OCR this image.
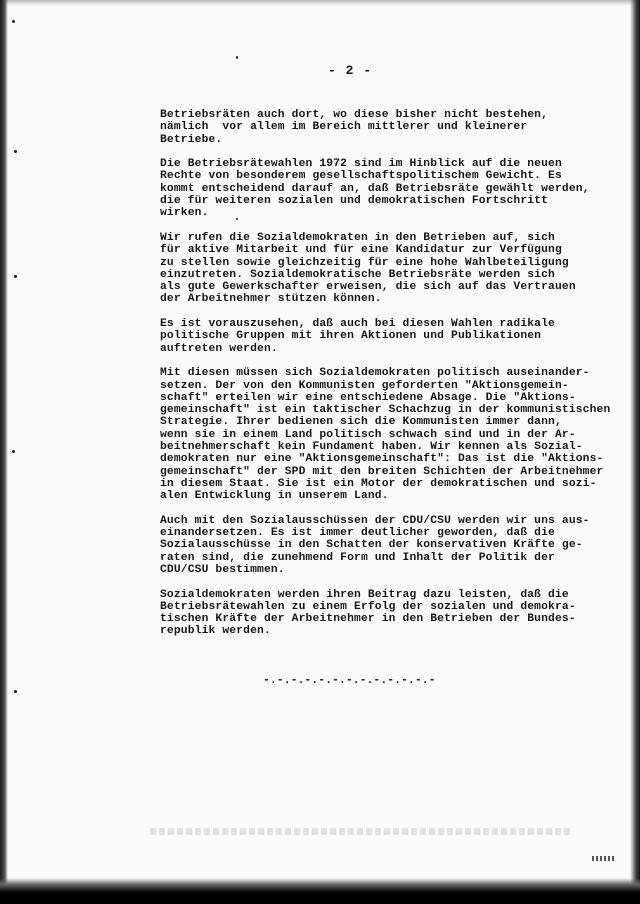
- 2 -
Betriebsräten auch dort, wo diese bisher nicht bestehen,
nämlich  vor allem im Bereich mittlerer und kleinerer
Betriebe.
Die Betriebsrätewahlen 1972 sind im Hinblick auf die neuen
Rechte von besonderem gesellschaftspolitischem Gewicht. Es
kommt entscheidend darauf an, daß Betriebsräte gewählt werden,
die für weiteren sozialen und demokratischen Fortschritt
wirken.
Wir rufen die Sozialdemokraten in den Betrieben auf, sich
für aktive Mitarbeit und für eine Kandidatur zur Verfügung
zu stellen sowie gleichzeitig für eine hohe Wahlbeteiligung
einzutreten. Sozialdemokratische Betriebsräte werden sich
als gute Gewerkschafter erweisen, die sich auf das Vertrauen
der Arbeitnehmer stützen können.
Es ist vorauszusehen, daß auch bei diesen Wahlen radikale
politische Gruppen mit ihren Aktionen und Publikationen
auftreten werden.
Mit diesen müssen sich Sozialdemokraten politisch auseinander-
setzen. Der von den Kommunisten geforderten "Aktionsgemein-
schaft" erteilen wir eine entschiedene Absage. Die "Aktions-
gemeinschaft" ist ein taktischer Schachzug in der kommunistischen
Strategie. Ihrer bedienen sich die Kommunisten immer dann,
wenn sie in einem Land politisch schwach sind und in der Ar-
beitnehmerschaft kein Fundament haben. Wir kennen als Sozial-
demokraten nur eine "Aktionsgemeinschaft": Das ist die "Aktions-
gemeinschaft" der SPD mit den breiten Schichten der Arbeitnehmer
in diesem Staat. Sie ist ein Motor der demokratischen und sozi-
alen Entwicklung in unserem Land.
Auch mit den Sozialausschüssen der CDU/CSU werden wir uns aus-
einandersetzen. Es ist immer deutlicher geworden, daß die
Sozialausschüsse in den Schatten der konservativen Kräfte ge-
raten sind, die zunehmend Form und Inhalt der Politik der
CDU/CSU bestimmen.
Sozialdemokraten werden ihren Beitrag dazu leisten, daß die
Betriebsrätewahlen zu einem Erfolg der sozialen und demokra-
tischen Kräfte der Arbeitnehmer in den Betrieben der Bundes-
republik werden.
-.-.-.-.-.-.-.-.-.-.-.-.-
